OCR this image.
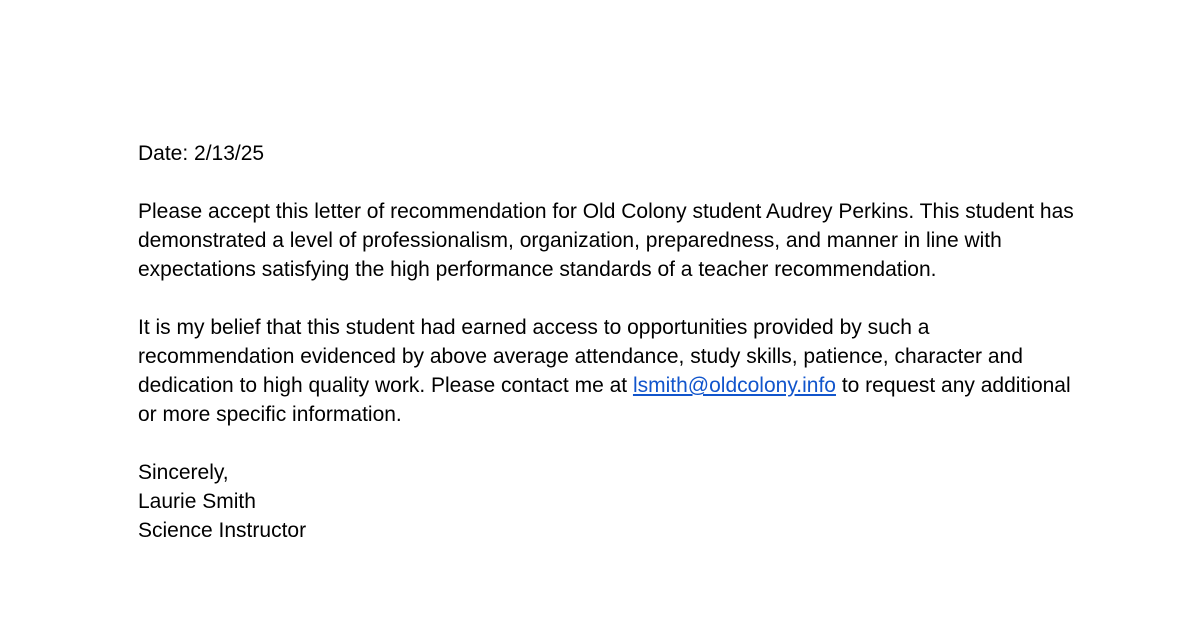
Date: 2/13/25

Please accept this letter of recommendation for Old Colony student Audrey Perkins. This student has demonstrated a level of professionalism, organization, preparedness, and manner in line with expectations satisfying the high performance standards of a teacher recommendation.

It is my belief that this student had earned access to opportunities provided by such a recommendation evidenced by above average attendance, study skills, patience, character and dedication to high quality work. Please contact me at lsmith@oldcolony.info to request any additional or more specific information.

Sincerely,

Laurie Smith

Science Instructor
